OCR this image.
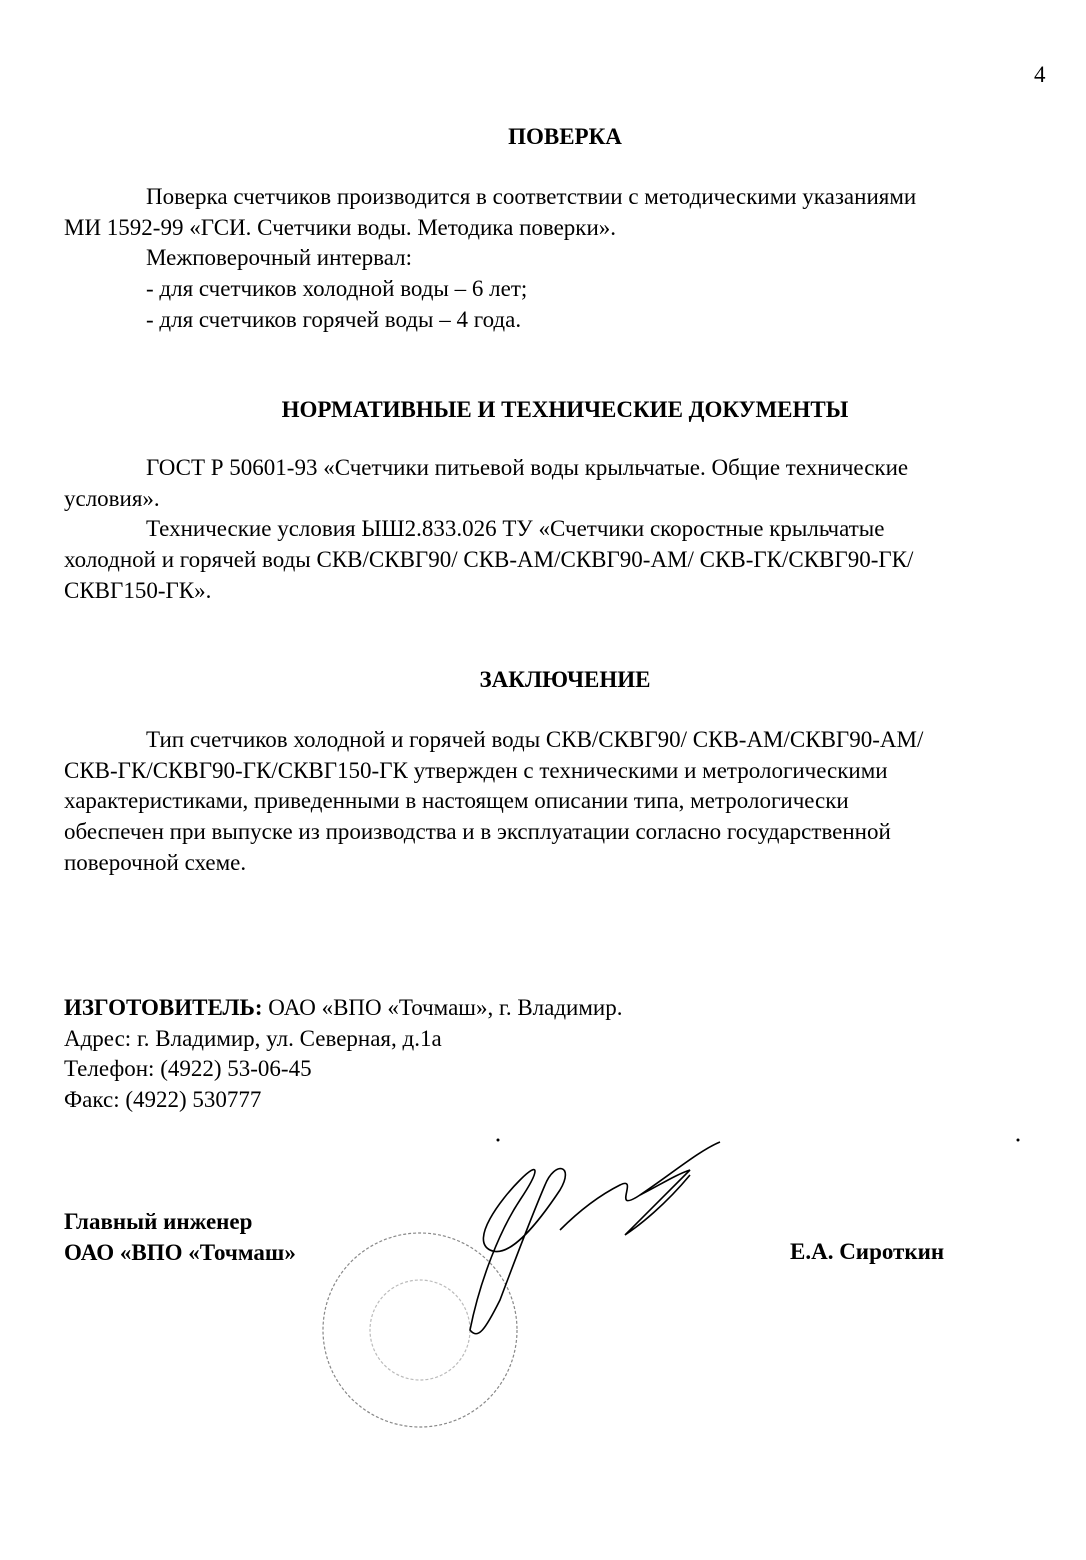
4
ПОВЕРКА
Поверка счетчиков производится в соответствии с методическими указаниями
МИ 1592-99 «ГСИ. Счетчики воды. Методика поверки».
Межповерочный интервал:
- для счетчиков холодной воды – 6 лет;
- для счетчиков горячей воды – 4 года.
НОРМАТИВНЫЕ И ТЕХНИЧЕСКИЕ ДОКУМЕНТЫ
ГОСТ Р 50601-93 «Счетчики питьевой воды крыльчатые. Общие технические
условия».
Технические условия ЫШ2.833.026 ТУ «Счетчики скоростные крыльчатые
холодной и горячей воды СКВ/СКВГ90/ СКВ-АМ/СКВГ90-АМ/ СКВ-ГК/СКВГ90-ГК/
СКВГ150-ГК».
ЗАКЛЮЧЕНИЕ
Тип счетчиков холодной и горячей воды СКВ/СКВГ90/ СКВ-АМ/СКВГ90-АМ/
СКВ-ГК/СКВГ90-ГК/СКВГ150-ГК утвержден с техническими и метрологическими
характеристиками, приведенными в настоящем описании типа, метрологически
обеспечен при выпуске из производства и в эксплуатации согласно государственной
поверочной схеме.
ИЗГОТОВИТЕЛЬ: ОАО «ВПО «Точмаш», г. Владимир.
Адрес: г. Владимир, ул. Северная, д.1а
Телефон: (4922) 53-06-45
Факс: (4922) 530777
Главный инженер
ОАО «ВПО «Точмаш»	Е.А. Сироткин
